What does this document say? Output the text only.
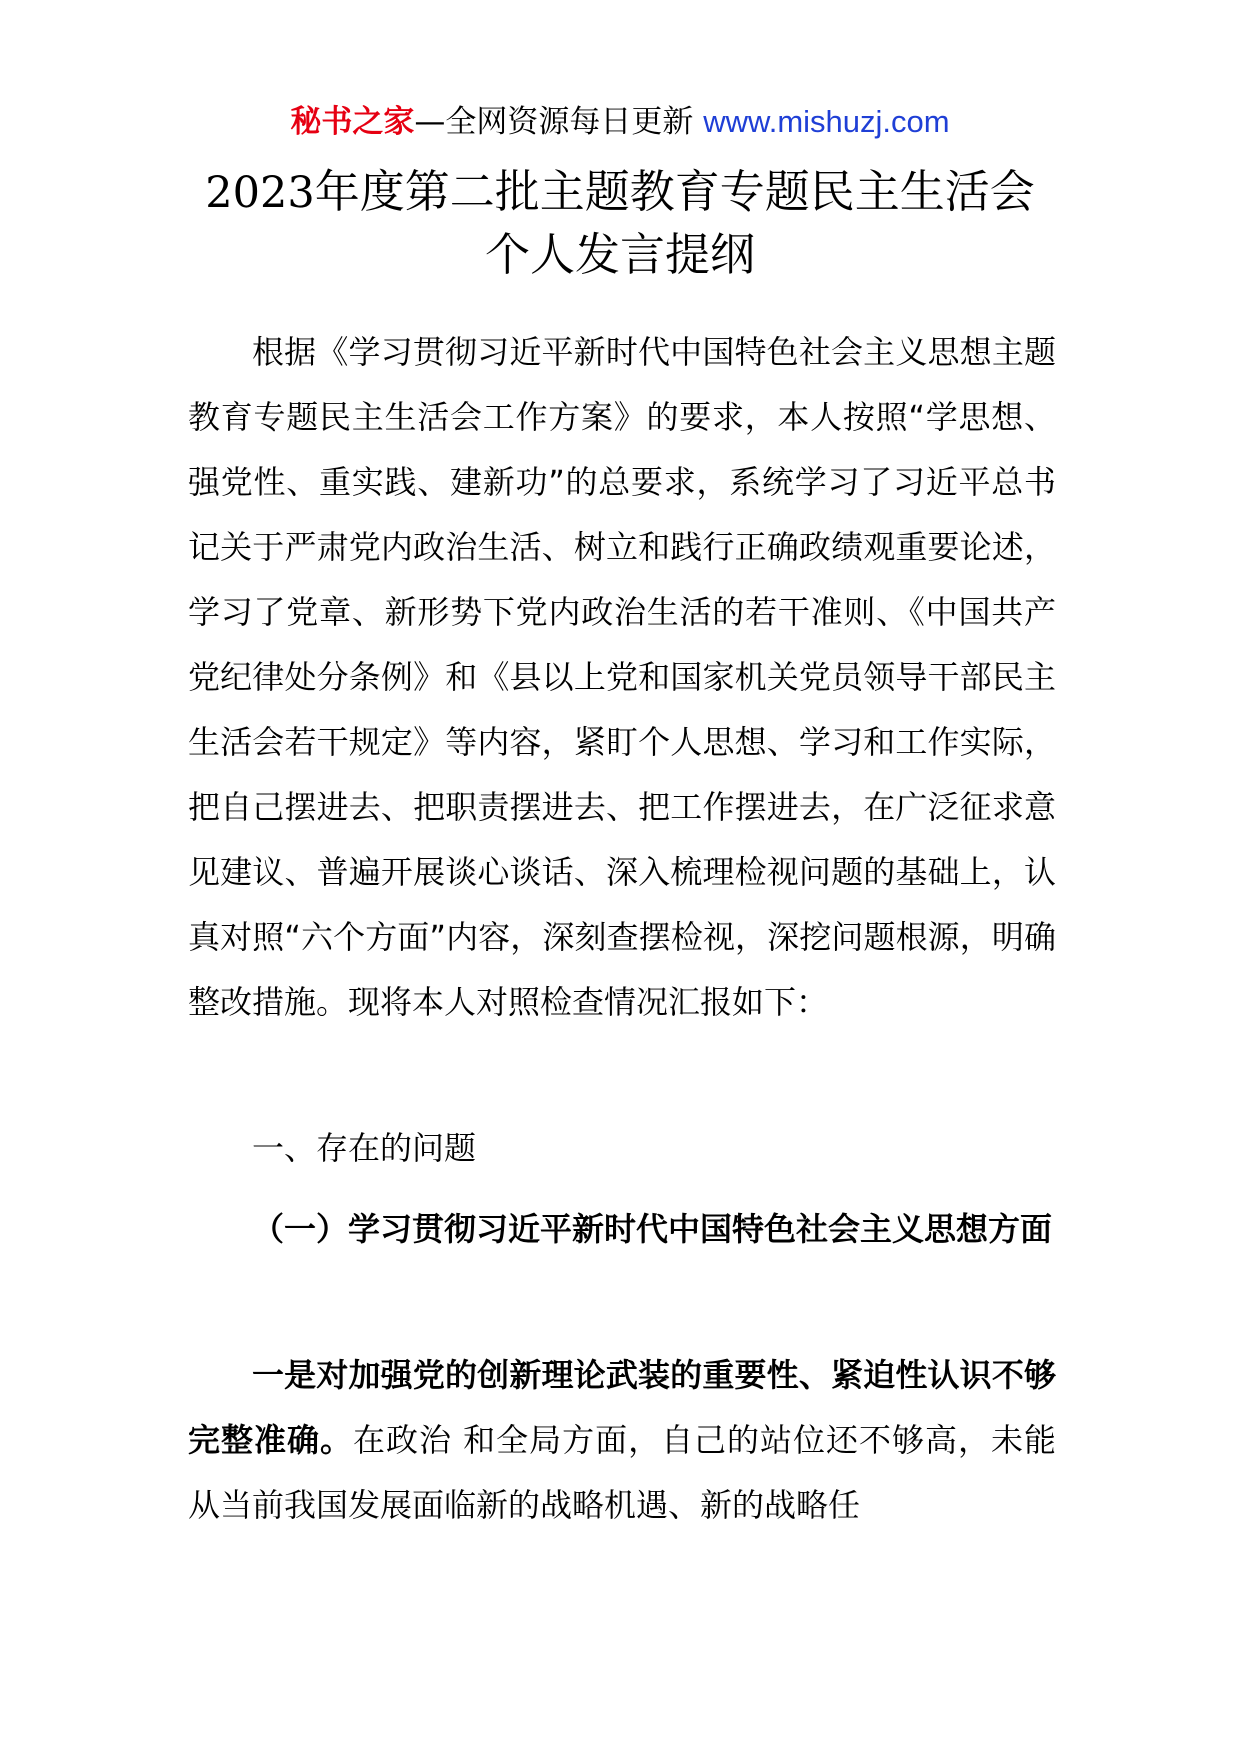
秘书之家—全网资源每日更新 www.mishuzj.com
2023年度第二批主题教育专题民主生活会
个人发言提纲
根据《学习贯彻习近平新时代中国特色社会主义思想主题教育专题民主生活会工作方案》的要求，本人按照“学思想、强党性、重实践、建新功”的总要求，系统学习了习近平总书记关于严肃党内政治生活、树立和践行正确政绩观重要论述，学习了党章、新形势下党内政治生活的若干准则、《中国共产党纪律处分条例》和《县以上党和国家机关党员领导干部民主生活会若干规定》等内容，紧盯个人思想、学习和工作实际，把自己摆进去、把职责摆进去、把工作摆进去，在广泛征求意见建议、普遍开展谈心谈话、深入梳理检视问题的基础上，认真对照“六个方面”内容，深刻查摆检视，深挖问题根源，明确整改措施。现将本人对照检查情况汇报如下：
一、存在的问题
（一）学习贯彻习近平新时代中国特色社会主义思想方面
一是对加强党的创新理论武装的重要性、紧迫性认识不够完整准确。在政治 和全局方面，自己的站位还不够高，未能从当前我国发展面临新的战略机遇、新的战略任
